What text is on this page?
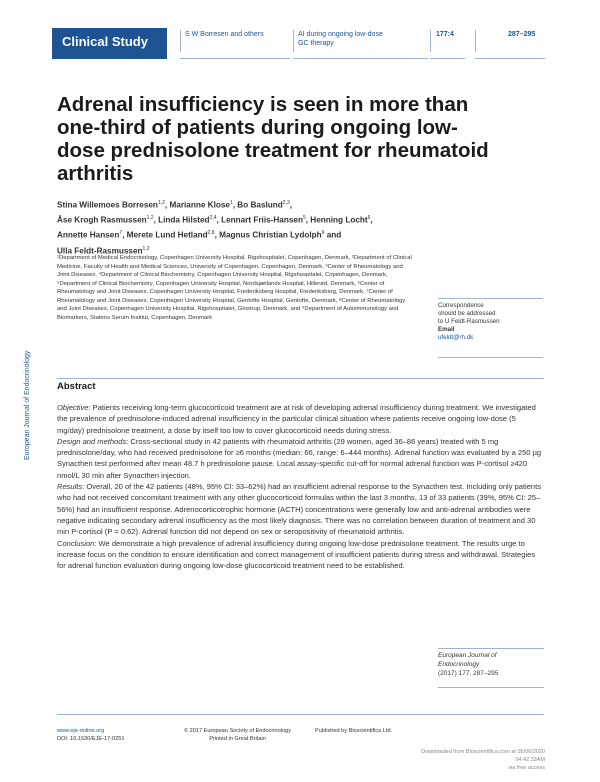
Clinical Study	S W Borresen and others	AI during ongoing low-dose
GC therapy
177:4	287–295
Adrenal insufficiency is seen in more than one-third of patients during ongoing low-dose prednisolone treatment for rheumatoid arthritis
Stina Willemoes Borresen$^{1,2}$, Marianne Klose$^1$, Bo Baslund$^{2,3}$,
Åse Krogh Rasmussen$^{1,2}$, Linda Hilsted$^{2,4}$, Lennart Friis-Hansen$^5$, Henning Locht$^6$,
Annette Hansen$^7$, Merete Lund Hetland$^{2,8}$, Magnus Christian Lydolph$^9$ and
Ulla Feldt-Rasmussen$^{1,2}$
¹Department of Medical Endocrinology, Copenhagen University Hospital, Rigshospitalet, Copenhagen, Denmark, ²Department of Clinical Medicine, Faculty of Health and Medical Sciences, University of Copenhagen, Copenhagen, Denmark, ³Center of Rheumatology and Joint Diseases, ⁴Department of Clinical Biochemistry, Copenhagen University Hospital, Rigshospitalet, Copenhagen, Denmark, ⁵Department of Clinical Biochemistry, Copenhagen University Hospital, Nordsjællands Hospital, Hillerød, Denmark, ⁶Center of Rheumatology and Joint Diseases, Copenhagen University Hospital, Frederiksberg Hospital, Frederiksberg, Denmark, ⁷Center of Rheumatology and Joint Diseases, Copenhagen University Hospital, Gentofte Hospital, Gentofte, Denmark, ⁸Center of Rheumatology and Joint Diseases, Copenhagen University Hospital, Rigshospitalet, Glostrup, Denmark, and ⁹Department of Autoimmunology and Biomarkers, Statens Serum Institut, Copenhagen, Denmark
Correspondence
should be addressed
to U Feldt-Rasmussen
Email
ufeldt@rh.dk
European Journal of Endocrinology	Abstract

Objective: Patients receiving long-term glucocorticoid treatment are at risk of developing adrenal insufficiency during treatment. We investigated the prevalence of prednisolone-induced adrenal insufficiency in the particular clinical situation where patients receive ongoing low-dose (5 mg/day) prednisolone treatment, a dose by itself too low to cover glucocorticoid needs during stress.

Design and methods: Cross-sectional study in 42 patients with rheumatoid arthritis (29 women, aged 36–86 years) treated with 5 mg prednisolone/day, who had received prednisolone for ≥6 months (median: 66, range: 6–444 months). Adrenal function was evaluated by a 250 µg Synacthen test performed after mean 48.7 h prednisolone pause. Local assay-specific cut-off for normal adrenal function was P-cortisol ≥420 nmol/L 30 min after Synacthen injection.

Results: Overall, 20 of the 42 patients (48%, 95% CI: 33–62%) had an insufficient adrenal response to the Synacthen test. Including only patients who had not received concomitant treatment with any other glucocorticoid formulas within the last 3 months, 13 of 33 patients (39%, 95% CI: 25–56%) had an insufficient response. Adrenocorticotrophic hormone (ACTH) concentrations were generally low and anti-adrenal antibodies were negative indicating secondary adrenal insufficiency as the most likely diagnosis. There was no correlation between duration of treatment and 30 min P-cortisol (P = 0.62). Adrenal function did not depend on sex or seropositivity of rheumatoid arthritis.

Conclusion: We demonstrate a high prevalence of adrenal insufficiency during ongoing low-dose prednisolone treatment. The results urge to increase focus on the condition to ensure identification and correct management of insufficient patients during stress and withdrawal. Strategies for adrenal function evaluation during ongoing low-dose glucocorticoid treatment need to be established.

European Journal of
Endocrinology
(2017) 177, 287–295
www.eje-online.org
DOI: 10.1530/EJE-17-0251
© 2017 European Society of Endocrinology
Printed in Great Britain
Published by Bioscientifica Ltd.
Downloaded from Bioscientifica.com at 05/06/2020 04:42:33AM
via free access
